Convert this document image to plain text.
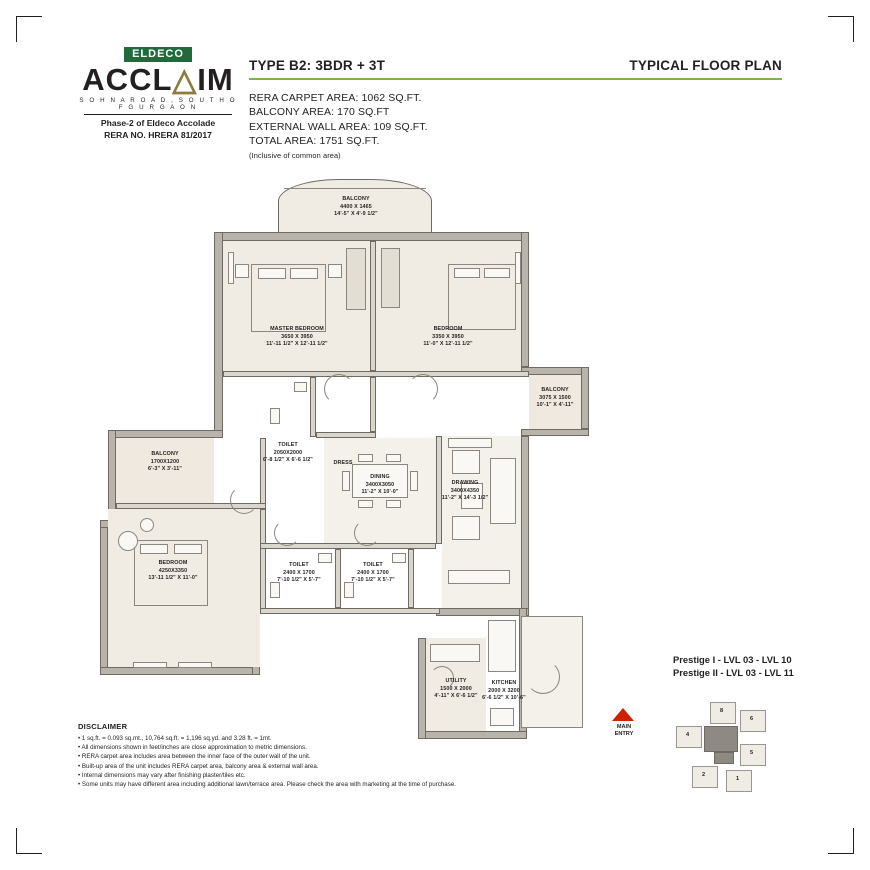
ELDECO
ACCL△IM
S O H N A R O A D , S O U T H O F G U R G A O N
Phase-2 of Eldeco Accolade
RERA NO. HRERA 81/2017
TYPE B2: 3BDR + 3T	TYPICAL FLOOR PLAN
RERA CARPET AREA: 1062 SQ.FT.
BALCONY AREA: 170 SQ.FT
EXTERNAL WALL AREA: 109 SQ.FT.
TOTAL AREA: 1751 SQ.FT.
(Inclusive of common area)
BALCONY
4400 X 1465
14'-5" X 4'-9 1/2"
MASTER BEDROOM
3650 X 3950
11'-11 1/2" X 12'-11 1/2"
BEDROOM
3350 X 3950
11'-0" X 12'-11 1/2"
BALCONY
3075 X 1500
10'-1" X 4'-11"
BALCONY
1700X1200
6'-3" X 3'-11"
TOILET
2050X2000
6'-8 1/2" X 6'-6 1/2"	DRESS
DINING
3400X3050
11'-2" X 10'-0"
DRAWING
3400X4350
11'-2" X 14'-3 1/2"
BEDROOM
4250X3350
13'-11 1/2" X 11'-0"
TOILET
2400 X 1700
7'-10 1/2" X 5'-7"
TOILET
2400 X 1700
7'-10 1/2" X 5'-7"
UTILITY
1500 X 2000
4'-11" X 6'-6 1/2"
KITCHEN
2000 X 3200
6'-6 1/2" X 10'-6"
MAIN
ENTRY
Prestige I - LVL 03 - LVL 10
Prestige II - LVL 03 - LVL 11
8
6
4
5
2
1
DISCLAIMER
• 1 sq.ft. = 0.093 sq.mt., 10,764 sq.ft. = 1,196 sq.yd. and 3.28 ft. = 1mt.
• All dimensions shown in feet/inches are close approximation to metric dimensions.
• RERA carpet area includes area between the inner face of the outer wall of the unit.
• Built-up area of the unit includes RERA carpet area, balcony area & external wall area.
• Internal dimensions may vary after finishing plaster/tiles etc.
• Some units may have different area including additional lawn/terrace area. Please check the area with marketing at the time of purchase.
